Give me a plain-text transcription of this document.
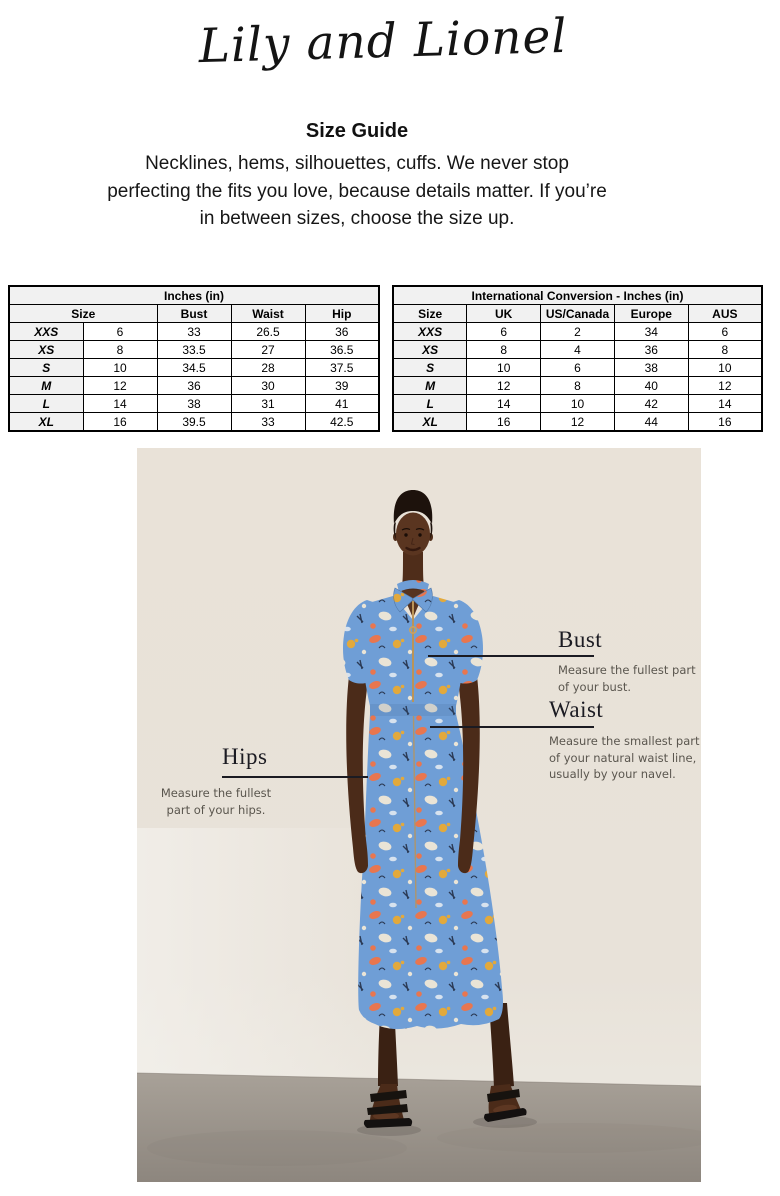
Lily and Lionel
Size Guide
Necklines, hems, silhouettes, cuffs. We never stop
perfecting the fits you love, because details matter. If you’re
in between sizes, choose the size up.
Inches (in)				
Size		Bust	Waist	Hip
XXS	6	33	26.5	36
XS	8	33.5	27	36.5
S	10	34.5	28	37.5
M	12	36	30	39
L	14	38	31	41
XL	16	39.5	33	42.5
International Conversion - Inches (in)				
Size	UK	US/Canada	Europe	AUS
XXS	6	2	34	6
XS	8	4	36	8
S	10	6	38	10
M	12	8	40	12
L	14	10	42	14
XL	16	12	44	16
Bust
Measure the fullest part
of your bust.
Waist
Measure the smallest part
of your natural waist line,
usually by your navel.
Hips
Measure the fullest part of your hips.
